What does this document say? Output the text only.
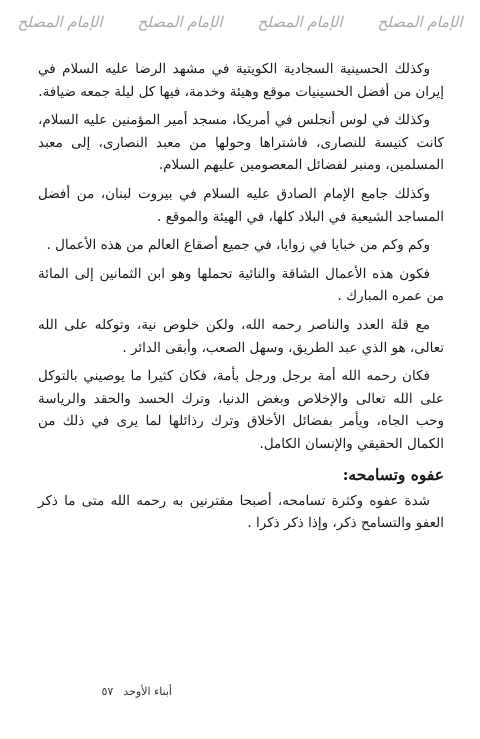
الإمام المصلح
الإمام المصلح
الإمام المصلح
الإمام المصلح

وكذلك الحسينية السجادية الكويتية في مشهد الرضا عليه السلام في إيران من أفضل الحسينيات موقع وهيئة وخدمة، فيها كل ليلة جمعه ضيافة.

وكذلك في لوس أنجلس في أمريكا، مسجد أمير المؤمنين عليه السلام، كانت كنيسة للنصارى، فاشتراها وحولها من معبد النصارى، إلى معبد المسلمين، ومنبر لفضائل المعصومين عليهم السلام.

وكذلك جامع الإمام الصادق عليه السلام في بيروت لبنان، من أفضل المساجد الشيعية في البلاد كلها، في الهيئة والموقع .

وكم وكم من خبايا في زوايا، في جميع أصقاع العالم من هذه الأعمال .

فكون هذه الأعمال الشاقة والنائية تحملها وهو ابن الثمانين إلى المائة من عمره المبارك .

مع قلة العدد والناصر رحمه الله، ولكن خلوص نية، وتوكله على الله تعالى، هو الذي عبد الطريق، وسهل الصعب، وأبقى الدائر .

فكان رحمه الله أمة برجل ورجل بأمة، فكان كثيرا ما يوصيني بالتوكل على الله تعالى والإخلاص وبغض الدنيا، وترك الحسد والحقد والرياسة وحب الجاه، ويأمر بفضائل الأخلاق وترك رذائلها لما يرى في ذلك من الكمال الحقيقي والإنسان الكامل.

عفوه وتسامحه:

شدة عفوه وكثرة تسامحه، أصبحا مقترنين به رحمه الله متى ما ذكر العفو والتسامح ذكر، وإذا ذكر ذكرا .

أبناء الأوحد
٥٧
